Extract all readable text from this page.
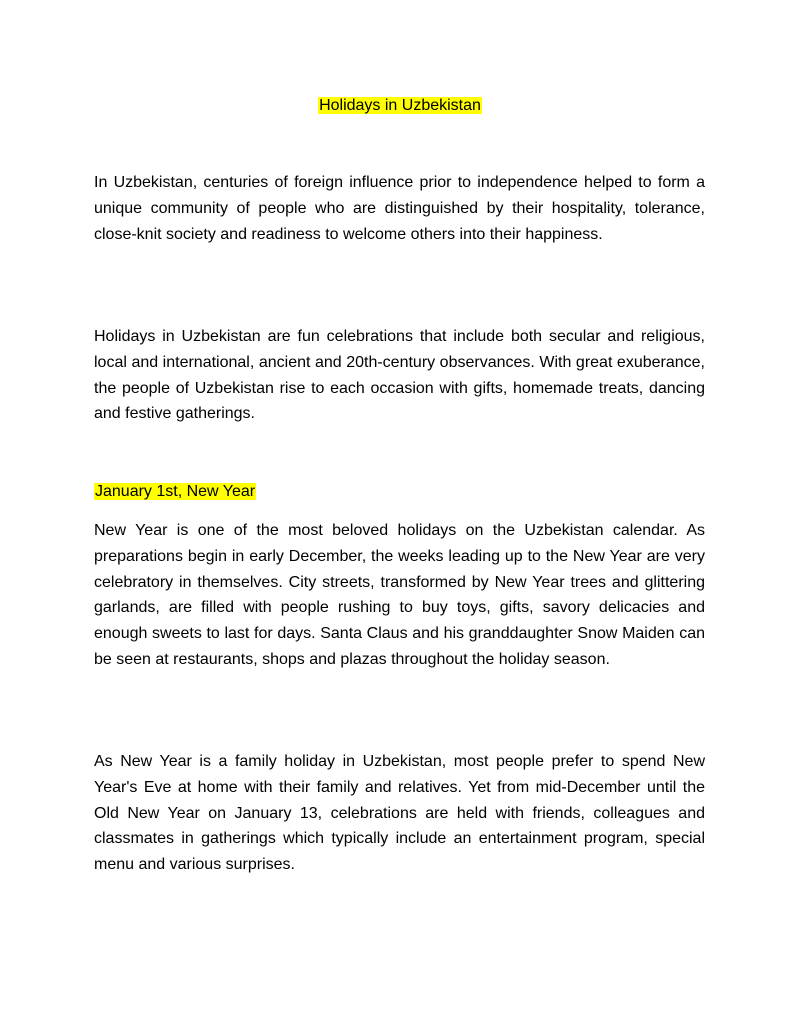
Holidays in Uzbekistan

In Uzbekistan, centuries of foreign influence prior to independence helped to form a unique community of people who are distinguished by their hospitality, tolerance, close-knit society and readiness to welcome others into their happiness.

Holidays in Uzbekistan are fun celebrations that include both secular and religious, local and international, ancient and 20th-century observances. With great exuberance, the people of Uzbekistan rise to each occasion with gifts, homemade treats, dancing and festive gatherings.

January 1st, New Year

New Year is one of the most beloved holidays on the Uzbekistan calendar. As preparations begin in early December, the weeks leading up to the New Year are very celebratory in themselves. City streets, transformed by New Year trees and glittering garlands, are filled with people rushing to buy toys, gifts, savory delicacies and enough sweets to last for days. Santa Claus and his granddaughter Snow Maiden can be seen at restaurants, shops and plazas throughout the holiday season.

As New Year is a family holiday in Uzbekistan, most people prefer to spend New Year's Eve at home with their family and relatives. Yet from mid-December until the Old New Year on January 13, celebrations are held with friends, colleagues and classmates in gatherings which typically include an entertainment program, special menu and various surprises.
